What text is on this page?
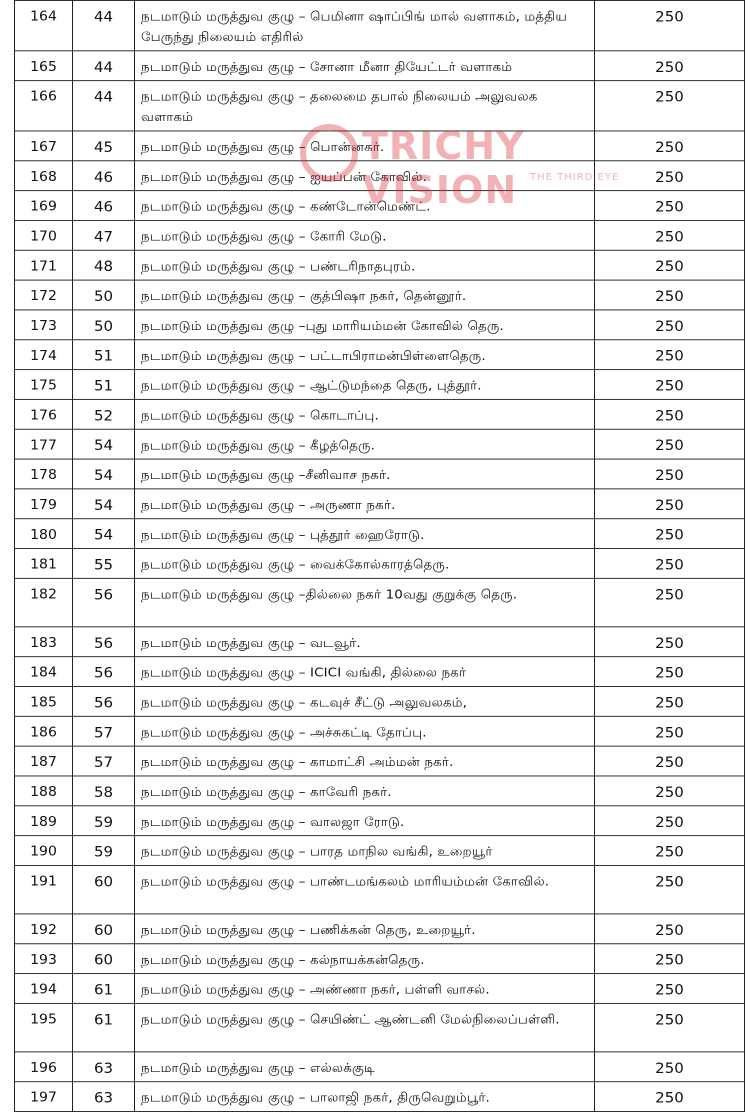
164	44	நடமாடும் மருத்துவ குழு – பெமினா ஷாப்பிங் மால் வளாகம், மத்திய பேருந்து நிலையம் எதிரில்	250
165	44	நடமாடும் மருத்துவ குழு – சோனா மீனா தியேட்டர் வளாகம்	250
166	44	நடமாடும் மருத்துவ குழு – தலைமை தபால் நிலையம் அலுவலக வளாகம்	250
167	45	நடமாடும் மருத்துவ குழு – பொன்னகர்.	250
168	46	நடமாடும் மருத்துவ குழு – ஐயப்பன் கோவில்.	250
169	46	நடமாடும் மருத்துவ குழு – கண்டோன்மெண்ட்.	250
170	47	நடமாடும் மருத்துவ குழு – கோரி மேடு.	250
171	48	நடமாடும் மருத்துவ குழு – பண்டரிநாதபுரம்.	250
172	50	நடமாடும் மருத்துவ குழு – குத்பிஷா நகர், தென்னூர்.	250
173	50	நடமாடும் மருத்துவ குழு –புது மாரியம்மன் கோவில் தெரு.	250
174	51	நடமாடும் மருத்துவ குழு – பட்டாபிராமன்பிள்ளைதெரு.	250
175	51	நடமாடும் மருத்துவ குழு – ஆட்டுமந்தை தெரு, புத்தூர்.	250
176	52	நடமாடும் மருத்துவ குழு – கொடாப்பு.	250
177	54	நடமாடும் மருத்துவ குழு – கீழத்தெரு.	250
178	54	நடமாடும் மருத்துவ குழு –சீனிவாச நகர்.	250
179	54	நடமாடும் மருத்துவ குழு – அருணா நகர்.	250
180	54	நடமாடும் மருத்துவ குழு – புத்தூர் ஹைரோடு.	250
181	55	நடமாடும் மருத்துவ குழு – வைக்கோல்காரத்தெரு.	250
182	56	நடமாடும் மருத்துவ குழு –தில்லை நகர் 10வது குறுக்கு தெரு.	250
183	56	நடமாடும் மருத்துவ குழு – வடவூர்.	250
184	56	நடமாடும் மருத்துவ குழு – ICICI வங்கி, தில்லை நகர்	250
185	56	நடமாடும் மருத்துவ குழு – கடவுச் சீட்டு அலுவலகம்,	250
186	57	நடமாடும் மருத்துவ குழு – அச்சுகட்டி தோப்பு.	250
187	57	நடமாடும் மருத்துவ குழு – காமாட்சி அம்மன் நகர்.	250
188	58	நடமாடும் மருத்துவ குழு – காவேரி நகர்.	250
189	59	நடமாடும் மருத்துவ குழு – வாலஜா ரோடு.	250
190	59	நடமாடும் மருத்துவ குழு – பாரத மாநில வங்கி, உறையூர்	250
191	60	நடமாடும் மருத்துவ குழு – பாண்டமங்கலம் மாரியம்மன் கோவில்.	250
192	60	நடமாடும் மருத்துவ குழு – பணிக்கன் தெரு, உறையூர்.	250
193	60	நடமாடும் மருத்துவ குழு – கல்நாயக்கன்தெரு.	250
194	61	நடமாடும் மருத்துவ குழு – அண்ணா நகர், பள்ளி வாசல்.	250
195	61	நடமாடும் மருத்துவ குழு – செயிண்ட் ஆண்டனி மேல்நிலைப்பள்ளி.	250
196	63	நடமாடும் மருத்துவ குழு – எல்லக்குடி	250
197	63	நடமாடும் மருத்துவ குழு – பாலாஜி நகர், திருவெறும்பூர்.	250
TRICHY VISION	THE THIRD EYE
